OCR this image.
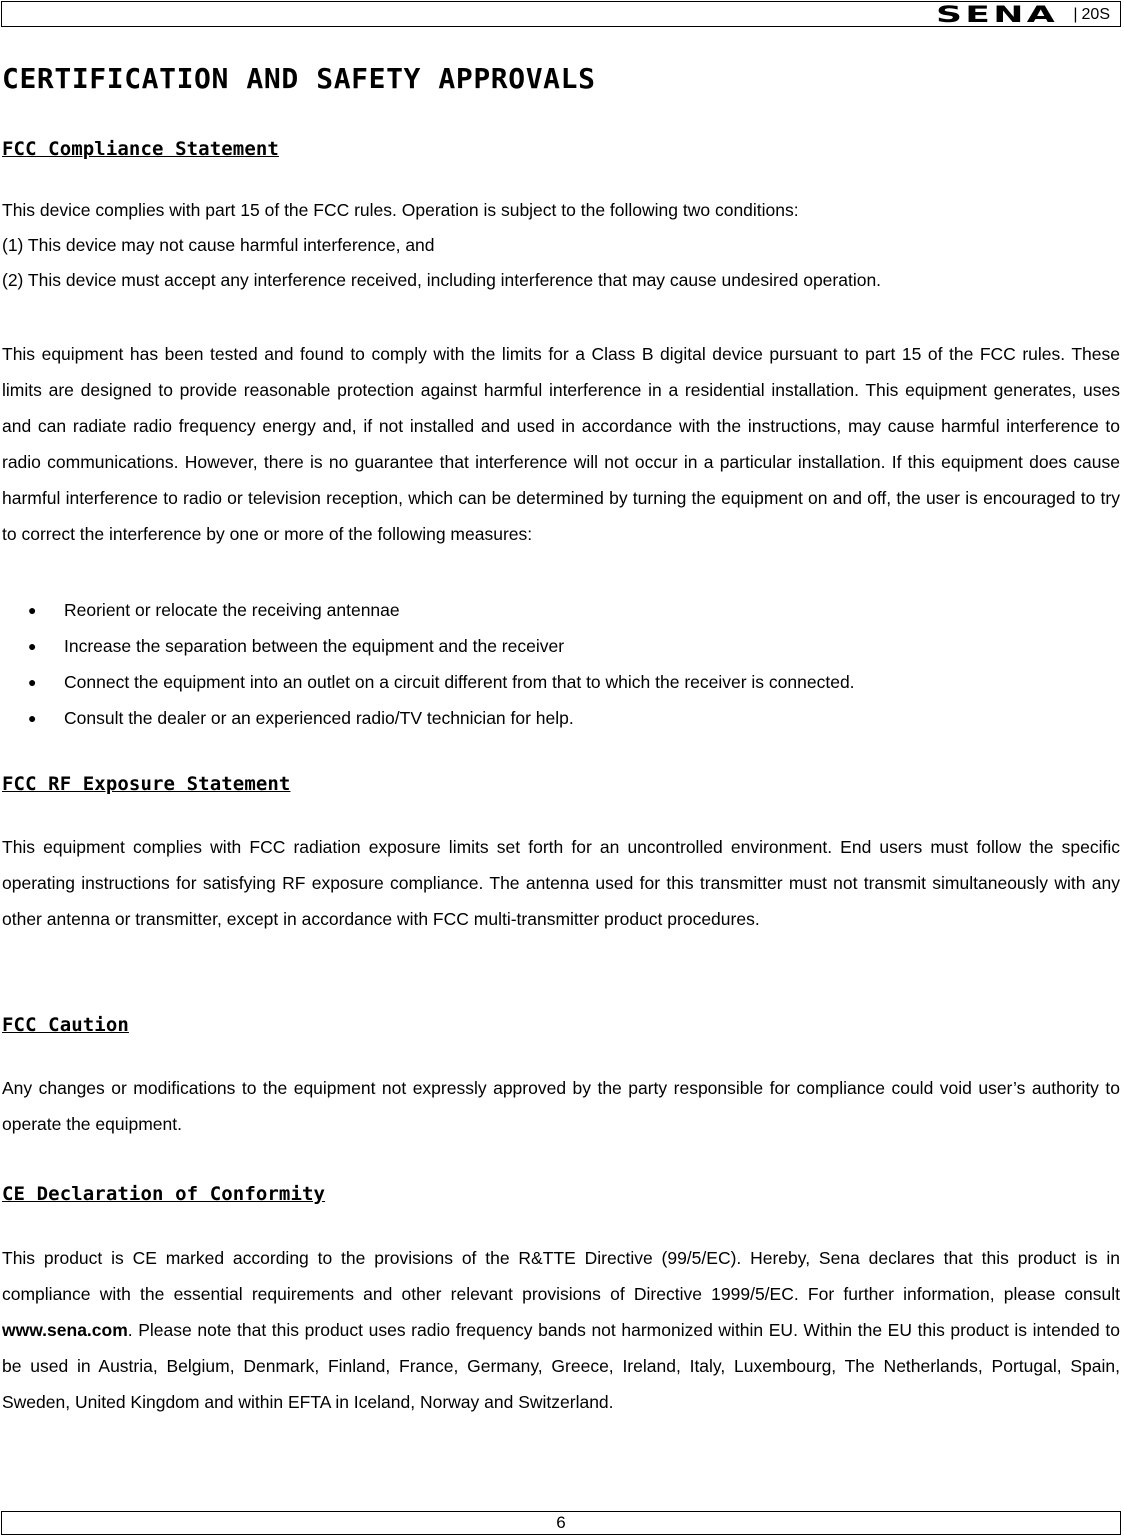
SENA | 20S
CERTIFICATION AND SAFETY APPROVALS
FCC Compliance Statement

This device complies with part 15 of the FCC rules. Operation is subject to the following two conditions:

(1) This device may not cause harmful interference, and

(2) This device must accept any interference received, including interference that may cause undesired operation.

This equipment has been tested and found to comply with the limits for a Class B digital device pursuant to part 15 of the FCC rules. These limits are designed to provide reasonable protection against harmful interference in a residential installation. This equipment generates, uses and can radiate radio frequency energy and, if not installed and used in accordance with the instructions, may cause harmful interference to radio communications. However, there is no guarantee that interference will not occur in a particular installation. If this equipment does cause harmful interference to radio or television reception, which can be determined by turning the equipment on and off, the user is encouraged to try to correct the interference by one or more of the following measures:

● Reorient or relocate the receiving antennae
● Increase the separation between the equipment and the receiver
● Connect the equipment into an outlet on a circuit different from that to which the receiver is connected.
● Consult the dealer or an experienced radio/TV technician for help.
FCC RF Exposure Statement

This equipment complies with FCC radiation exposure limits set forth for an uncontrolled environment. End users must follow the specific operating instructions for satisfying RF exposure compliance. The antenna used for this transmitter must not transmit simultaneously with any other antenna or transmitter, except in accordance with FCC multi-transmitter product procedures.

FCC Caution

Any changes or modifications to the equipment not expressly approved by the party responsible for compliance could void user’s authority to operate the equipment.

CE Declaration of Conformity

This product is CE marked according to the provisions of the R&TTE Directive (99/5/EC). Hereby, Sena declares that this product is in compliance with the essential requirements and other relevant provisions of Directive 1999/5/EC. For further information, please consult www.sena.com. Please note that this product uses radio frequency bands not harmonized within EU. Within the EU this product is intended to be used in Austria, Belgium, Denmark, Finland, France, Germany, Greece, Ireland, Italy, Luxembourg, The Netherlands, Portugal, Spain, Sweden, United Kingdom and within EFTA in Iceland, Norway and Switzerland.

6
